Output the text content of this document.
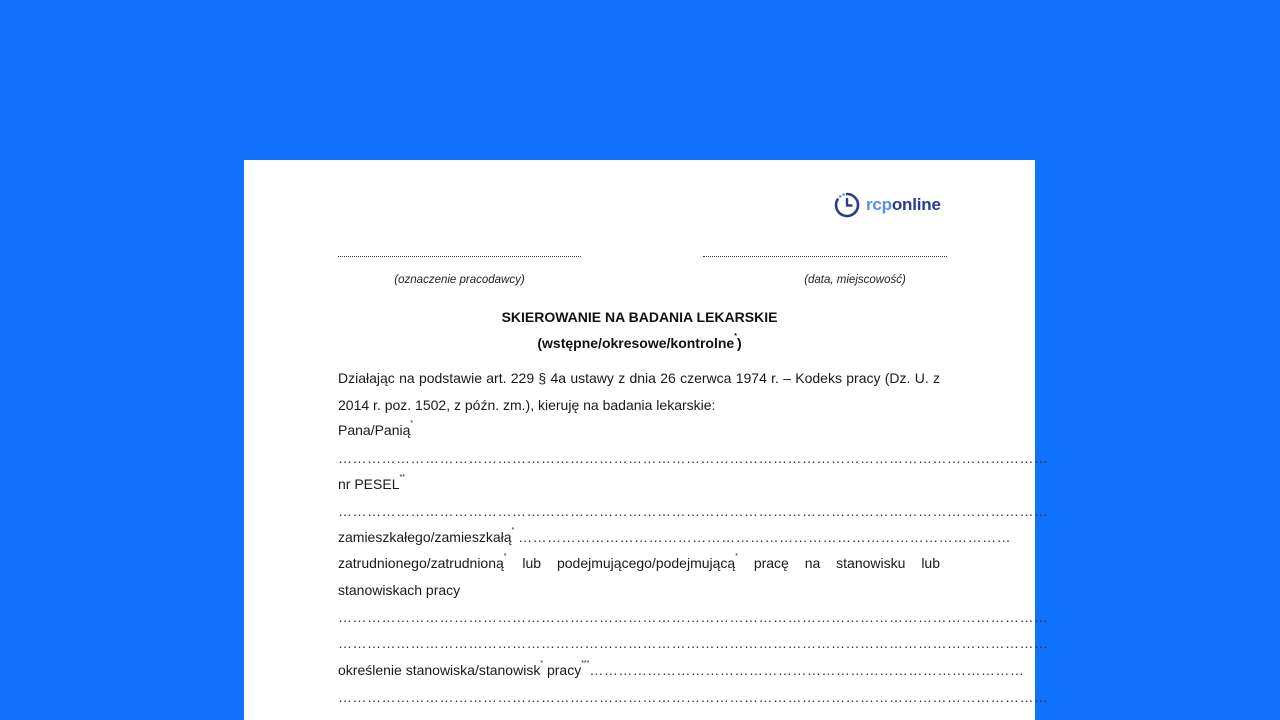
rcponline
(oznaczenie pracodawcy)	(data, miejscowość)
SKIEROWANIE NA BADANIA LEKARSKIE
(wstępne/okresowe/kontrolne*)
Działając na podstawie art. 229 § 4a ustawy z dnia 26 czerwca 1974 r. – Kodeks pracy (Dz. U. z 2014 r. poz. 1502, z późn. zm.), kieruję na badania lekarskie:
Pana/Panią*
…………………………………………………………………………………………………………………………………
nr PESEL**
…………………………………………………………………………………………………………………………………
zamieszkałego/zamieszkałą* …………………………………………………………………………………………
zatrudnionego/zatrudnioną* lub podejmującego/podejmującą* pracę na stanowisku lub
stanowiskach pracy
…………………………………………………………………………………………………………………………………
…………………………………………………………………………………………………………………………………
określenie stanowiska/stanowisk* pracy***………………………………………………………………………………
…………………………………………………………………………………………………………………………………
